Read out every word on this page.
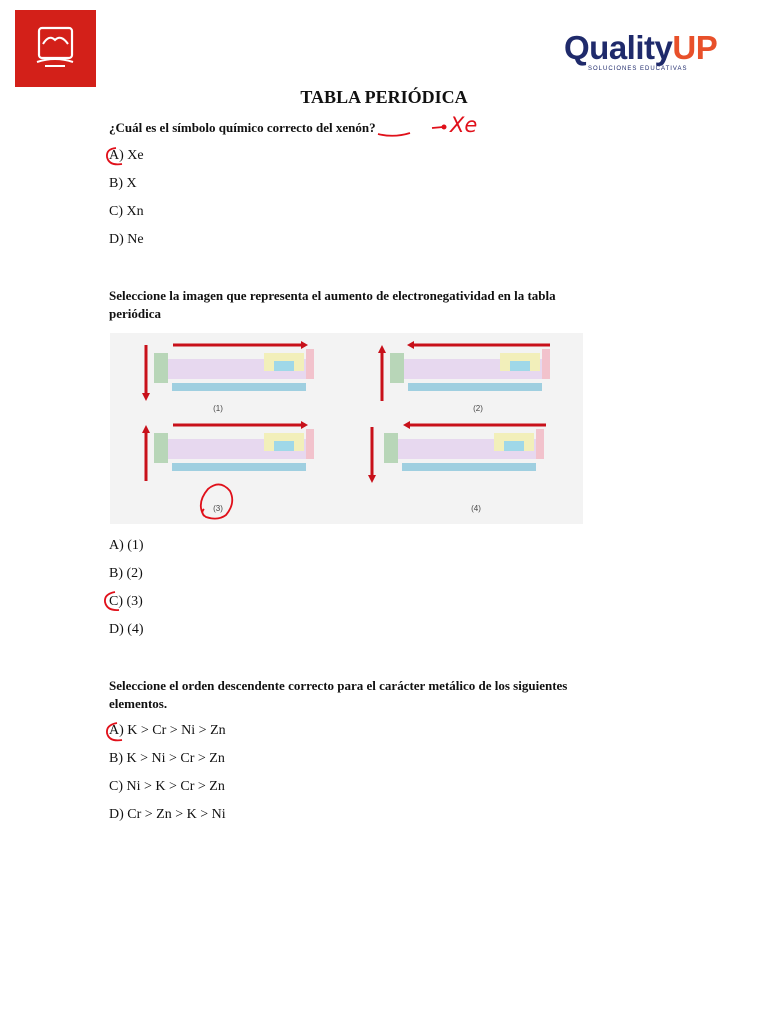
QualityUP
SOLUCIONES EDUCATIVAS
TABLA PERIÓDICA
¿Cuál es el símbolo químico correcto del xenón?	Xe
A) Xe
B) X
C) Xn
D) Ne
Seleccione la imagen que representa el aumento de electronegatividad en la tabla
periódica
(1)	(2)
(3)	(4)
A) (1)
B) (2)
C) (3)
D) (4)
Seleccione el orden descendente correcto para el carácter metálico de los siguientes
elementos.
A) K > Cr > Ni > Zn
B) K > Ni > Cr > Zn
C) Ni > K > Cr > Zn
D) Cr > Zn > K > Ni
